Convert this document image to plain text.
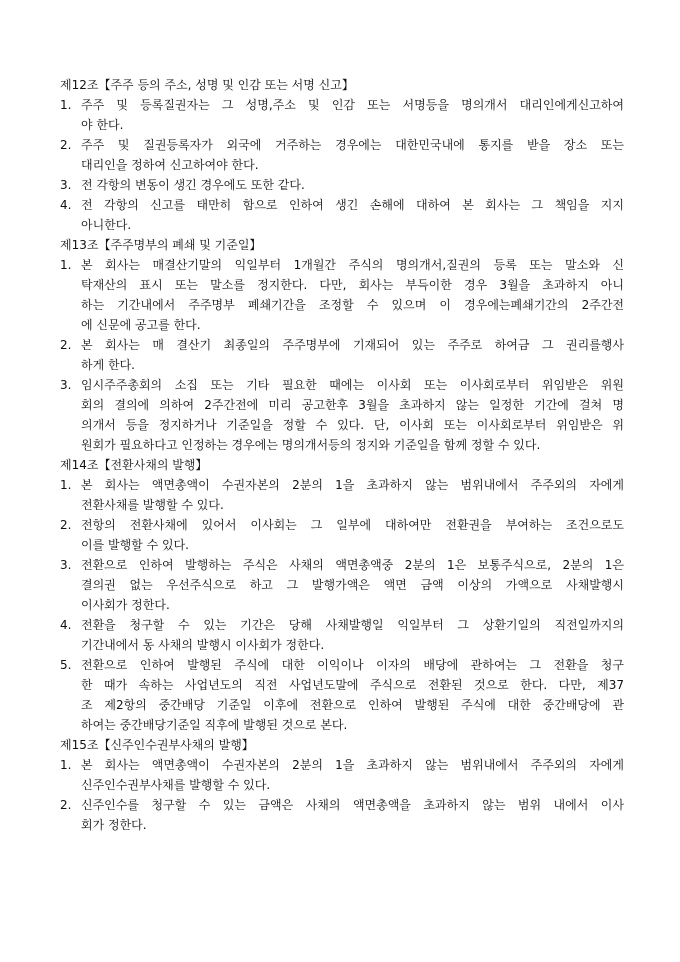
제12조【주주 등의 주소, 성명 및 인감 또는 서명 신고】
1. 주주 및 등록질권자는 그 성명,주소 및 인감 또는 서명등을 명의개서 대리인에게신고하여
야 한다.
2. 주주 및 질권등록자가 외국에 거주하는 경우에는 대한민국내에 통지를 받을 장소 또는
대리인을 정하여 신고하여야 한다.
3. 전 각항의 변동이 생긴 경우에도 또한 같다.
4. 전 각항의 신고를 태만히 함으로 인하여 생긴 손해에 대하여 본 회사는 그 책임을 지지
아니한다.
제13조【주주명부의 폐쇄 및 기준일】
1. 본 회사는 매결산기말의 익일부터 1개월간 주식의 명의개서,질권의 등록 또는 말소와 신
탁재산의 표시 또는 말소를 정지한다. 다만, 회사는 부득이한 경우 3월을 초과하지 아니
하는 기간내에서 주주명부 폐쇄기간을 조정할 수 있으며 이 경우에는폐쇄기간의 2주간전
에 신문에 공고를 한다.
2. 본 회사는 매 결산기 최종일의 주주명부에 기재되어 있는 주주로 하여금 그 권리를행사
하게 한다.
3. 임시주주총회의 소집 또는 기타 필요한 때에는 이사회 또는 이사회로부터 위임받은 위원
회의 결의에 의하여 2주간전에 미리 공고한후 3월을 초과하지 않는 일정한 기간에 걸쳐 명
의개서 등을 정지하거나 기준일을 정할 수 있다. 단, 이사회 또는 이사회로부터 위임받은 위
원회가 필요하다고 인정하는 경우에는 명의개서등의 정지와 기준일을 함께 정할 수 있다.
제14조【전환사채의 발행】
1. 본 회사는 액면총액이 수권자본의 2분의 1을 초과하지 않는 범위내에서 주주외의 자에게
전환사채를 발행할 수 있다.
2. 전항의 전환사채에 있어서 이사회는 그 일부에 대하여만 전환권을 부여하는 조건으로도
이를 발행할 수 있다.
3. 전환으로 인하여 발행하는 주식은 사채의 액면총액중 2분의 1은 보통주식으로, 2분의 1은
결의권 없는 우선주식으로 하고 그 발행가액은 액면 금액 이상의 가액으로 사채발행시
이사회가 정한다.
4. 전환을 청구할 수 있는 기간은 당해 사채발행일 익일부터 그 상환기일의 직전일까지의
기간내에서 동 사채의 발행시 이사회가 정한다.
5. 전환으로 인하여 발행된 주식에 대한 이익이나 이자의 배당에 관하여는 그 전환을 청구
한 때가 속하는 사업년도의 직전 사업년도말에 주식으로 전환된 것으로 한다. 다만, 제37
조 제2항의 중간배당 기준일 이후에 전환으로 인하여 발행된 주식에 대한 중간배당에 관
하여는 중간배당기준일 직후에 발행된 것으로 본다.
제15조【신주인수권부사채의 발행】
1. 본 회사는 액면총액이 수권자본의 2분의 1을 초과하지 않는 범위내에서 주주외의 자에게
신주인수권부사채를 발행할 수 있다.
2. 신주인수를 청구할 수 있는 금액은 사채의 액면총액을 초과하지 않는 범위 내에서 이사
회가 정한다.
